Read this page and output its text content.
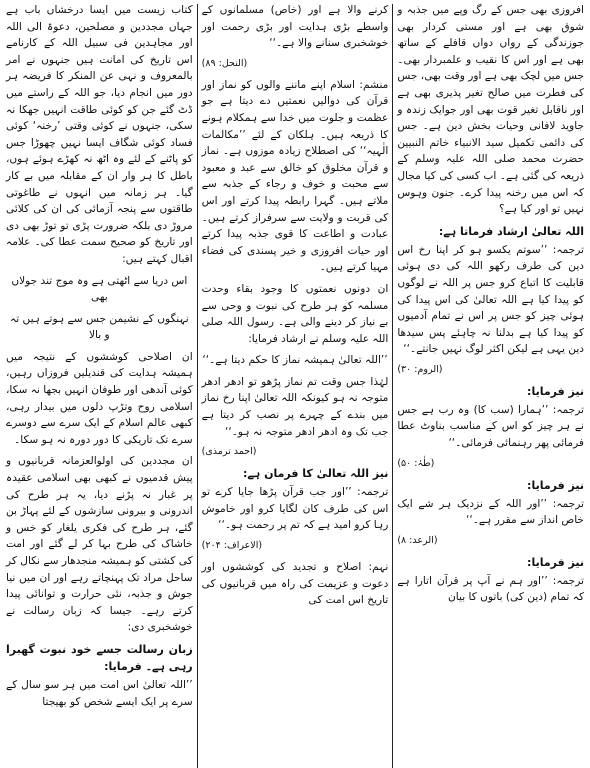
افروزی بھی جس کے رگ وپے میں جذبہ و شوق بھی ہے اور مستی کردار بھی جوزندگی کے رواں دواں قافلے کے ساتھ بھی ہے اور اس کا نقیب و علمبردار بھی۔ جس میں لچک بھی ہے اور وقت بھی، جس کی فطرت میں صالح تغیر پذیری بھی ہے اور ناقابل تغیر قوت بھی اور جوایک زندہ و جاوید لافانی وحیات بخش دین ہے۔ جس کی دائمی تکمیل سید الانبیاء خاتم النبیین حضرت محمد صلی اللہ علیہ وسلم کے ذریعہ کی گئی ہے۔ اب کسی کی کیا مجال کہ اس میں رخنہ پیدا کرے۔ جنون وہوس نہیں تو اور کیا ہے؟

اللہ تعالیٰ ارشاد فرماتا ہے:

ترجمہ: ’’سوتم یکسو ہو کر اپنا رخ اس دین کی طرف رکھو اللہ کی دی ہوئی قابلیت کا اتباع کرو جس پر اللہ نے لوگوں کو پیدا کیا ہے اللہ تعالیٰ کی اس پیدا کی ہوئی چیز کو جس پر اس نے تمام آدمیوں کو پیدا کیا ہے بدلنا نہ چاہئے پس سیدھا دین یہی ہے لیکن اکثر لوگ نہیں جانتے۔‘‘

(الروم: ۳۰)

نیز فرمایا:

ترجمہ: ’’ہمارا (سب کا) وہ رب ہے جس نے ہر چیز کو اس کے مناسب بناوٹ عطا فرمائی پھر رہنمائی فرمائی۔‘‘

(طٰہٰ: ۵۰)

نیز فرمایا:

ترجمہ: ’’اور اللہ کے نزدیک ہر شے ایک خاص انداز سے مقرر ہے۔‘‘

(الرعد: ۸)

نیز فرمایا:

ترجمہ: ’’اور ہم نے آپ پر قرآن اتارا ہے کہ تمام (دین کی) باتوں کا بیان

کرنے والا ہے اور (خاص) مسلمانوں کے واسطے بڑی ہدایت اور بڑی رحمت اور خوشخبری سنانے والا ہے۔‘‘

(النحل: ۸۹)

منشم: اسلام اپنے ماننے والوں کو نماز اور قرآن کی دوالیں نعمتیں دے دیتا ہے جو عظمت و جلوت میں خدا سے ہمکلام ہونے کا ذریعہ ہیں۔ ہلکان کے لئے ’’مکالمات الٰہیہ‘‘ کی اصطلاح زیادہ موزوں ہے۔ نماز و قرآن مخلوق کو خالق سے عبد و معبود سے محبت و خوف و رجاء کے جذبہ سے ملاتے ہیں۔ گہرا رابطہ پیدا کرتے اور اس کی قربت و ولایت سے سرفراز کرتے ہیں۔ عبادت و اطاعت کا قوی جذبہ پیدا کرتے اور حیات افروزی و خیر پسندی کی فضاء مہیا کرتے ہیں۔

ان دونوں نعمتوں کا وجود بقاء وحدت مسلمہ کو ہر طرح کی نبوت و وحی سے بے نیاز کر دینے والی ہے۔ رسول اللہ صلی اللہ علیہ وسلم نے ارشاد فرمایا:

’’اللہ تعالیٰ ہمیشہ نماز کا حکم دیتا ہے۔‘‘

لہٰذا جس وقت تم نماز پڑھو تو ادھر ادھر متوجہ نہ ہو کیونکہ اللہ تعالیٰ اپنا رخ نماز میں بندے کے چہرے پر نصب کر دیتا ہے جب تک وہ ادھر ادھر متوجہ نہ ہو۔‘‘

(احمد ترمذی)

نیز اللہ تعالیٰ کا فرمان ہے:

ترجمہ: ’’اور جب قرآن پڑھا جایا کرے تو اس کی طرف کان لگایا کرو اور خاموش رہا کرو امید ہے کہ تم پر رحمت ہو۔‘‘

(الاعراف: ۲۰۴)

نہم: اصلاح و تجدید کی کوششوں اور دعوت و عزیمت کی راہ میں قربانیوں کی تاریخ اس امت کی

کتاب زیست میں ایسا درخشاں باب ہے جہاں مجددین و مصلحین، دعوۃ الی اللہ اور مجاہدین فی سبیل اللہ کے کارنامے اس تاریخ کی امانت ہیں جنہوں نے امر بالمعروف و نہی عن المنکر کا فریضہ ہر دور میں انجام دیا، جو اللہ کے راستے میں ڈٹ گئے جن کو کوئی طاقت انہیں جھکا نہ سکی، جنہوں نے کوئی وقتی ’رخنہ‘ کوئی فساد کوئی شگاف ایسا نہیں چھوڑا جس کو پاٹنے کے لئے وہ اٹھ نہ کھڑے ہوئے ہوں، باطل کا ہر وار ان کے مقابلہ میں بے کار گیا۔ ہر زمانہ میں انہوں نے طاغوتی طاقتوں سے پنجہ آزمائی کی ان کی کلائی مروڑ دی بلکہ ضرورت پڑی تو توڑ بھی دی اور تاریخ کو صحیح سمت عطا کی۔ علامہ اقبال کہتے ہیں:

اس دریا سے اٹھتی ہے وہ موج تند جولاں بھی

نہنگوں کے نشیمن جس سے ہوتے ہیں تہ و بالا

ان اصلاحی کوششوں کے نتیجہ میں ہمیشہ ہدایت کی قندیلیں فروزاں رہیں، کوئی آندھی اور طوفان انہیں بجھا نہ سکا، اسلامی روح وتڑپ دلوں میں بیدار رہی، کبھی عالم اسلام کے ایک سرے سے دوسرے سرے تک تاریکی کا دور دورہ نہ ہو سکا۔

ان مجددین کی اولوالعزمانہ قربانیوں و پیش قدمیوں نے کبھی بھی اسلامی عقیدہ پر غبار نہ پڑنے دیا، یہ ہر طرح کی اندرونی و بیرونی سازشوں کے لئے پہاڑ بن گئے، ہر طرح کی فکری یلغار کو خس و خاشاک کی طرح بہا کر لے گئے اور امت کی کشتی کو ہمیشہ منجدھار سے نکال کر ساحل مراد تک پہنچاتے رہے اور ان میں نیا جوش و جذبہ، نئی حرارت و توانائی پیدا کرتے رہے۔ جیسا کہ زبان رسالت نے خوشخبری دی:

زبان رسالت جسے خود نبوت گھبرا رہی ہے۔ فرمایا:

’’اللہ تعالیٰ اس امت میں ہر سو سال کے سرے پر ایک ایسے شخص کو بھیجتا
